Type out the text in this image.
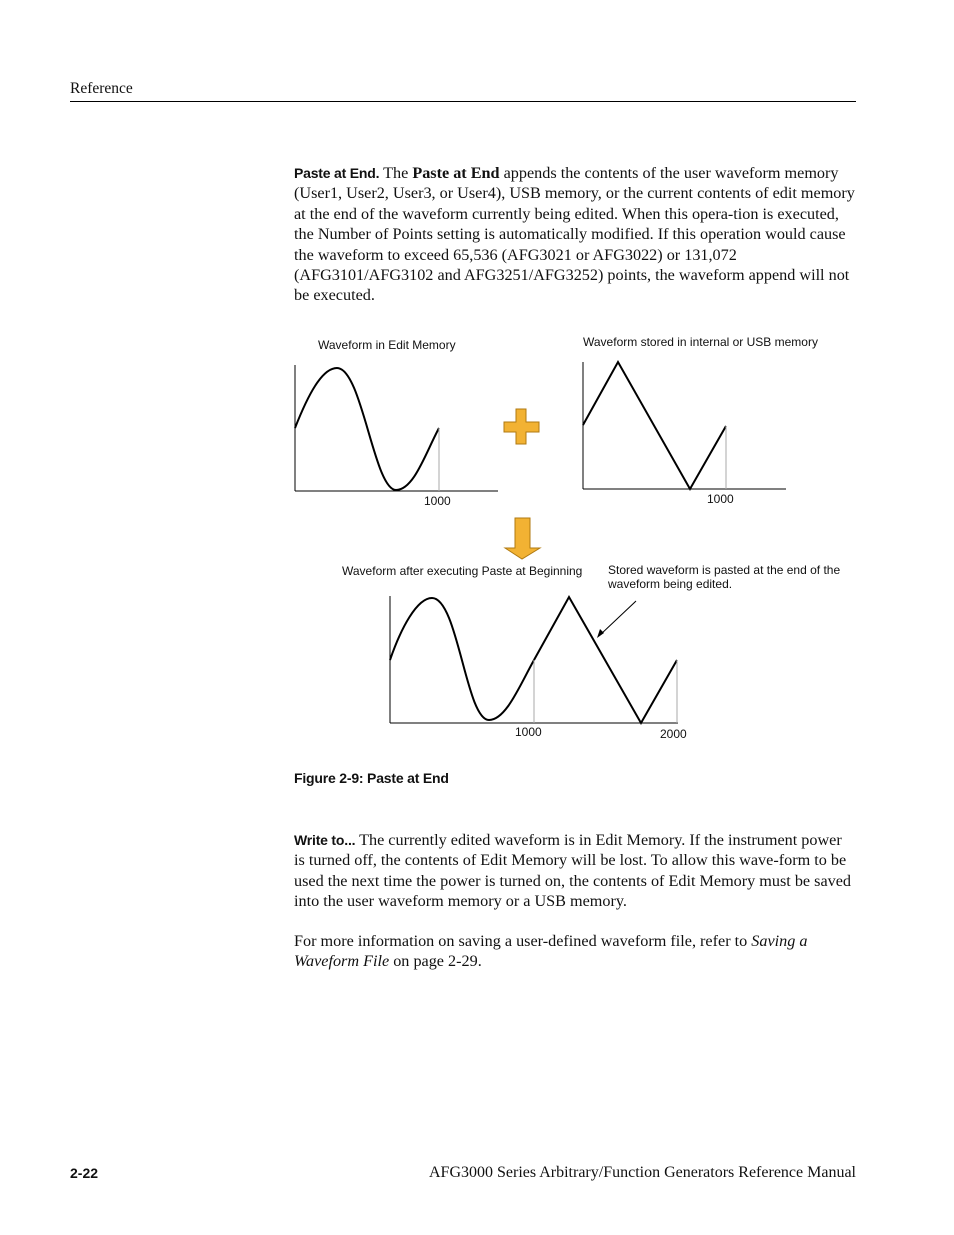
Reference

Paste at End. The Paste at End appends the contents of the user waveform memory (User1, User2, User3, or User4), USB memory, or the current contents of edit memory at the end of the waveform currently being edited. When this opera-tion is executed, the Number of Points setting is automatically modified. If this operation would cause the waveform to exceed 65,536 (AFG3021 or AFG3022) or 131,072 (AFG3101/AFG3102 and AFG3251/AFG3252) points, the waveform append will not be executed.

Waveform in Edit Memory
1000
Waveform stored in internal or USB memory
1000
Waveform after executing Paste at Beginning Stored waveform is pasted at the end of the
waveform being edited.
1000	2000
Figure 2-9: Paste at End

Write to... The currently edited waveform is in Edit Memory. If the instrument power is turned off, the contents of Edit Memory will be lost. To allow this wave-form to be used the next time the power is turned on, the contents of Edit Memory must be saved into the user waveform memory or a USB memory.

For more information on saving a user-defined waveform file, refer to Saving a Waveform File on page 2-29.

2-22	AFG3000 Series Arbitrary/Function Generators Reference Manual
